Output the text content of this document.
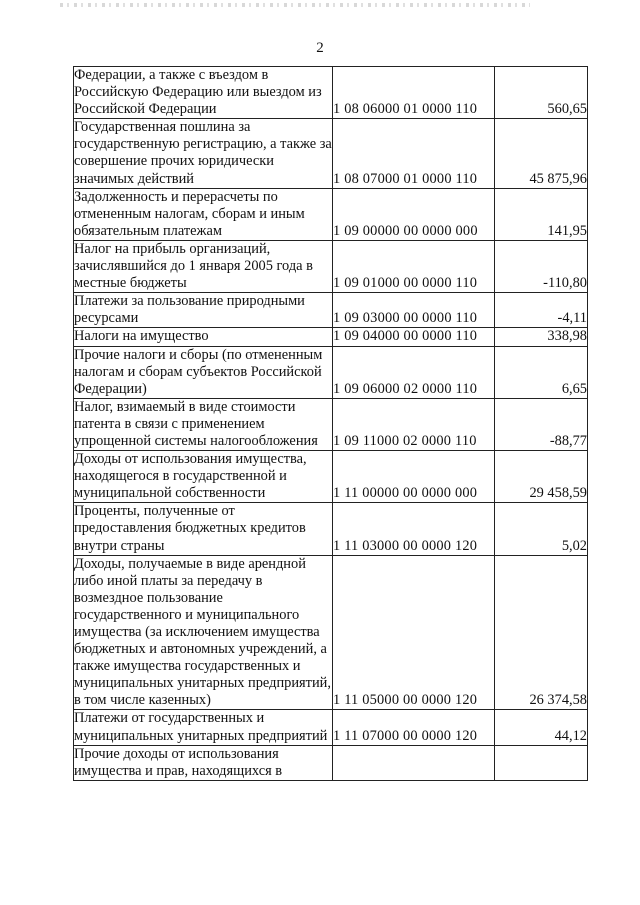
2
Федерации, а также с въездом в Российскую Федерацию или выездом из Российской Федерации	1 08 06000 01 0000 110	560,65
Государственная пошлина за государственную регистрацию, а также за совершение прочих юридически значимых действий	1 08 07000 01 0000 110	45 875,96
Задолженность и перерасчеты по отмененным налогам, сборам и иным обязательным платежам	1 09 00000 00 0000 000	141,95
Налог на прибыль организаций, зачислявшийся до 1 января 2005 года в местные бюджеты	1 09 01000 00 0000 110	-110,80
Платежи за пользование природными ресурсами	1 09 03000 00 0000 110	-4,11
Налоги на имущество	1 09 04000 00 0000 110	338,98
Прочие налоги и сборы (по отмененным налогам и сборам субъектов Российской Федерации)	1 09 06000 02 0000 110	6,65
Налог, взимаемый в виде стоимости патента в связи с применением упрощенной системы налогообложения	1 09 11000 02 0000 110	-88,77
Доходы от использования имущества, находящегося в государственной и муниципальной собственности	1 11 00000 00 0000 000	29 458,59
Проценты, полученные от предоставления бюджетных кредитов внутри страны	1 11 03000 00 0000 120	5,02
Доходы, получаемые в виде арендной либо иной платы за передачу в возмездное пользование государственного и муниципального имущества (за исключением имущества бюджетных и автономных учреждений, а также имущества государственных и муниципальных унитарных предприятий, в том числе казенных)	1 11 05000 00 0000 120	26 374,58
Платежи от государственных и муниципальных унитарных предприятий	1 11 07000 00 0000 120	44,12
Прочие доходы от использования имущества и прав, находящихся в		
